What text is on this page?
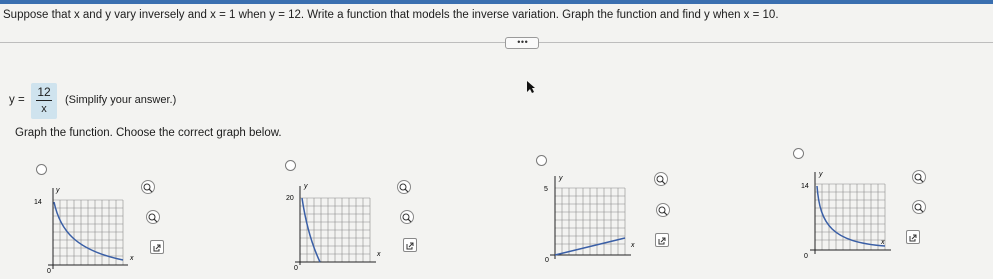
Suppose that x and y vary inversely and x = 1 when y = 12. Write a function that models the inverse variation. Graph the function and find y when x = 10.
• • •
y =
12
x
(Simplify your answer.)
Graph the function. Choose the correct graph below.
y
14
x
0
y
20
x
0
y
5
x
0
y
14
x
0
